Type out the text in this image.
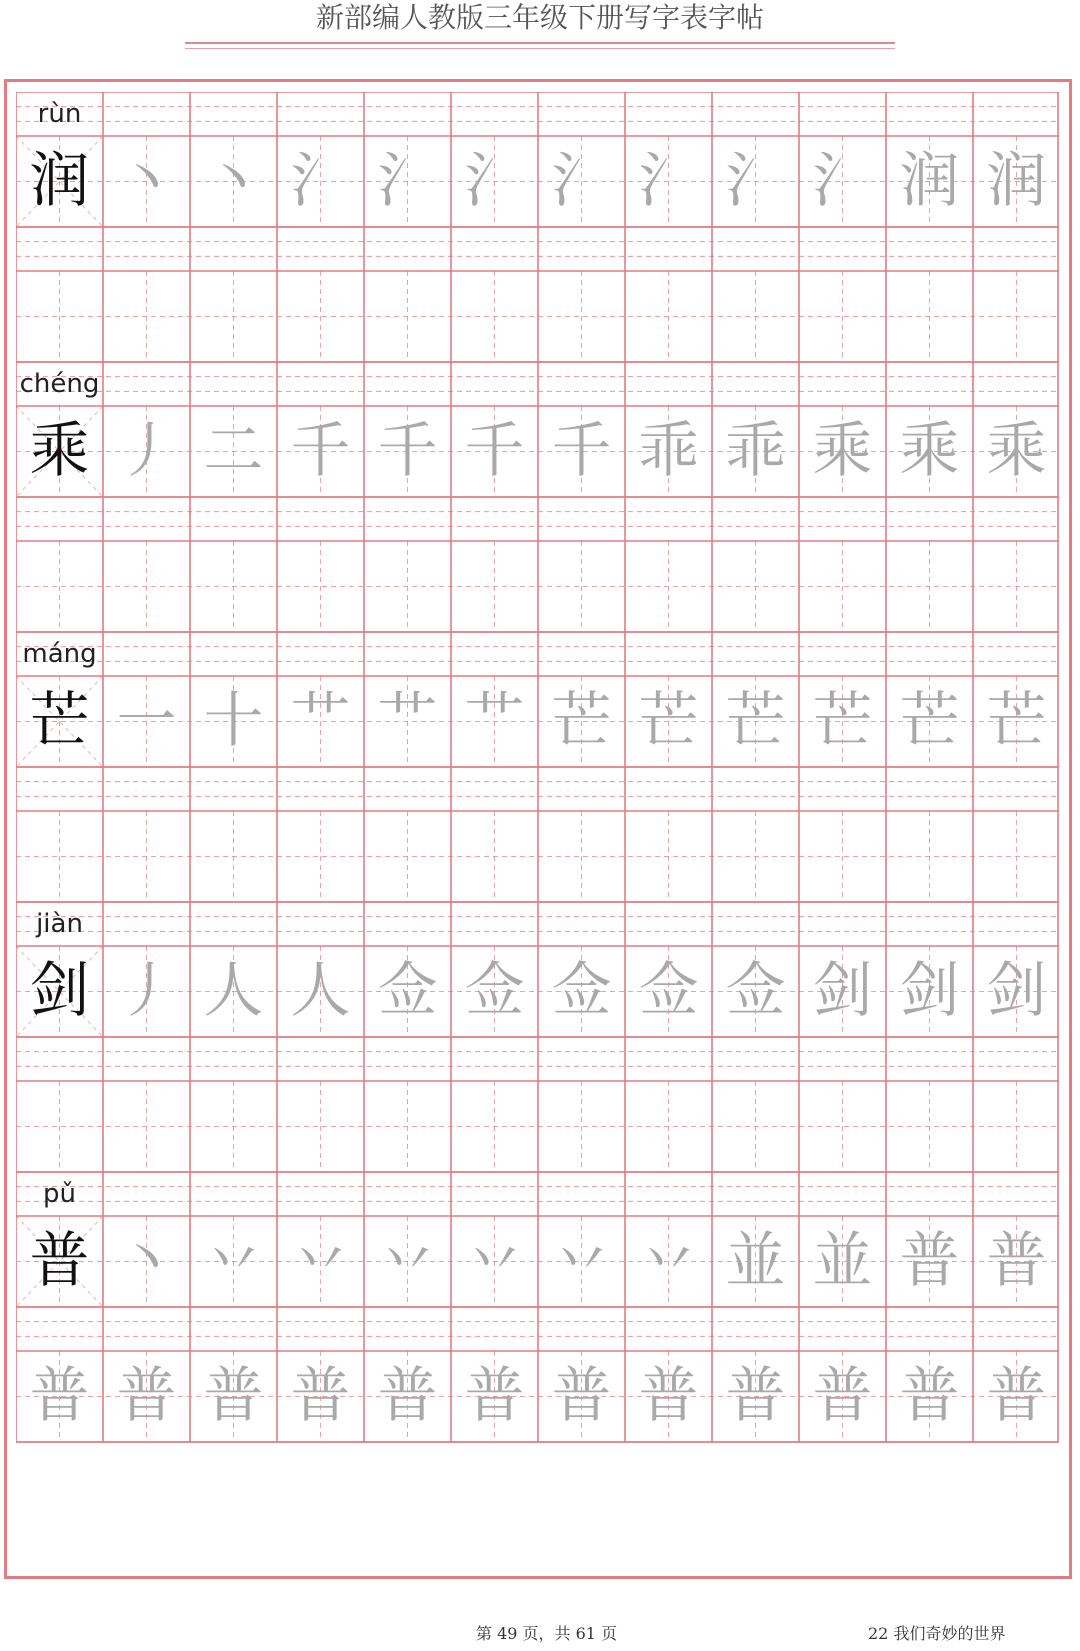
新部编人教版三年级下册写字表字帖
rùn
润 丶 丶 氵 氵 氵 氵 氵 氵 氵 润 润
chéng
乘 丿 二 千 千 千 千 乖 乖 乘 乘 乘
máng
芒 一 十 艹 艹 艹 芒 芒 芒 芒 芒 芒
jiàn
剑 丿 人 人 佥 佥 佥 佥 佥 剑 剑 剑
pǔ
普 丶 丷 丷 丷 丷 丷 丷 並 並 普 普
普 普 普 普 普 普 普 普 普 普 普 普
第 49 页，共 61 页	22 我们奇妙的世界
